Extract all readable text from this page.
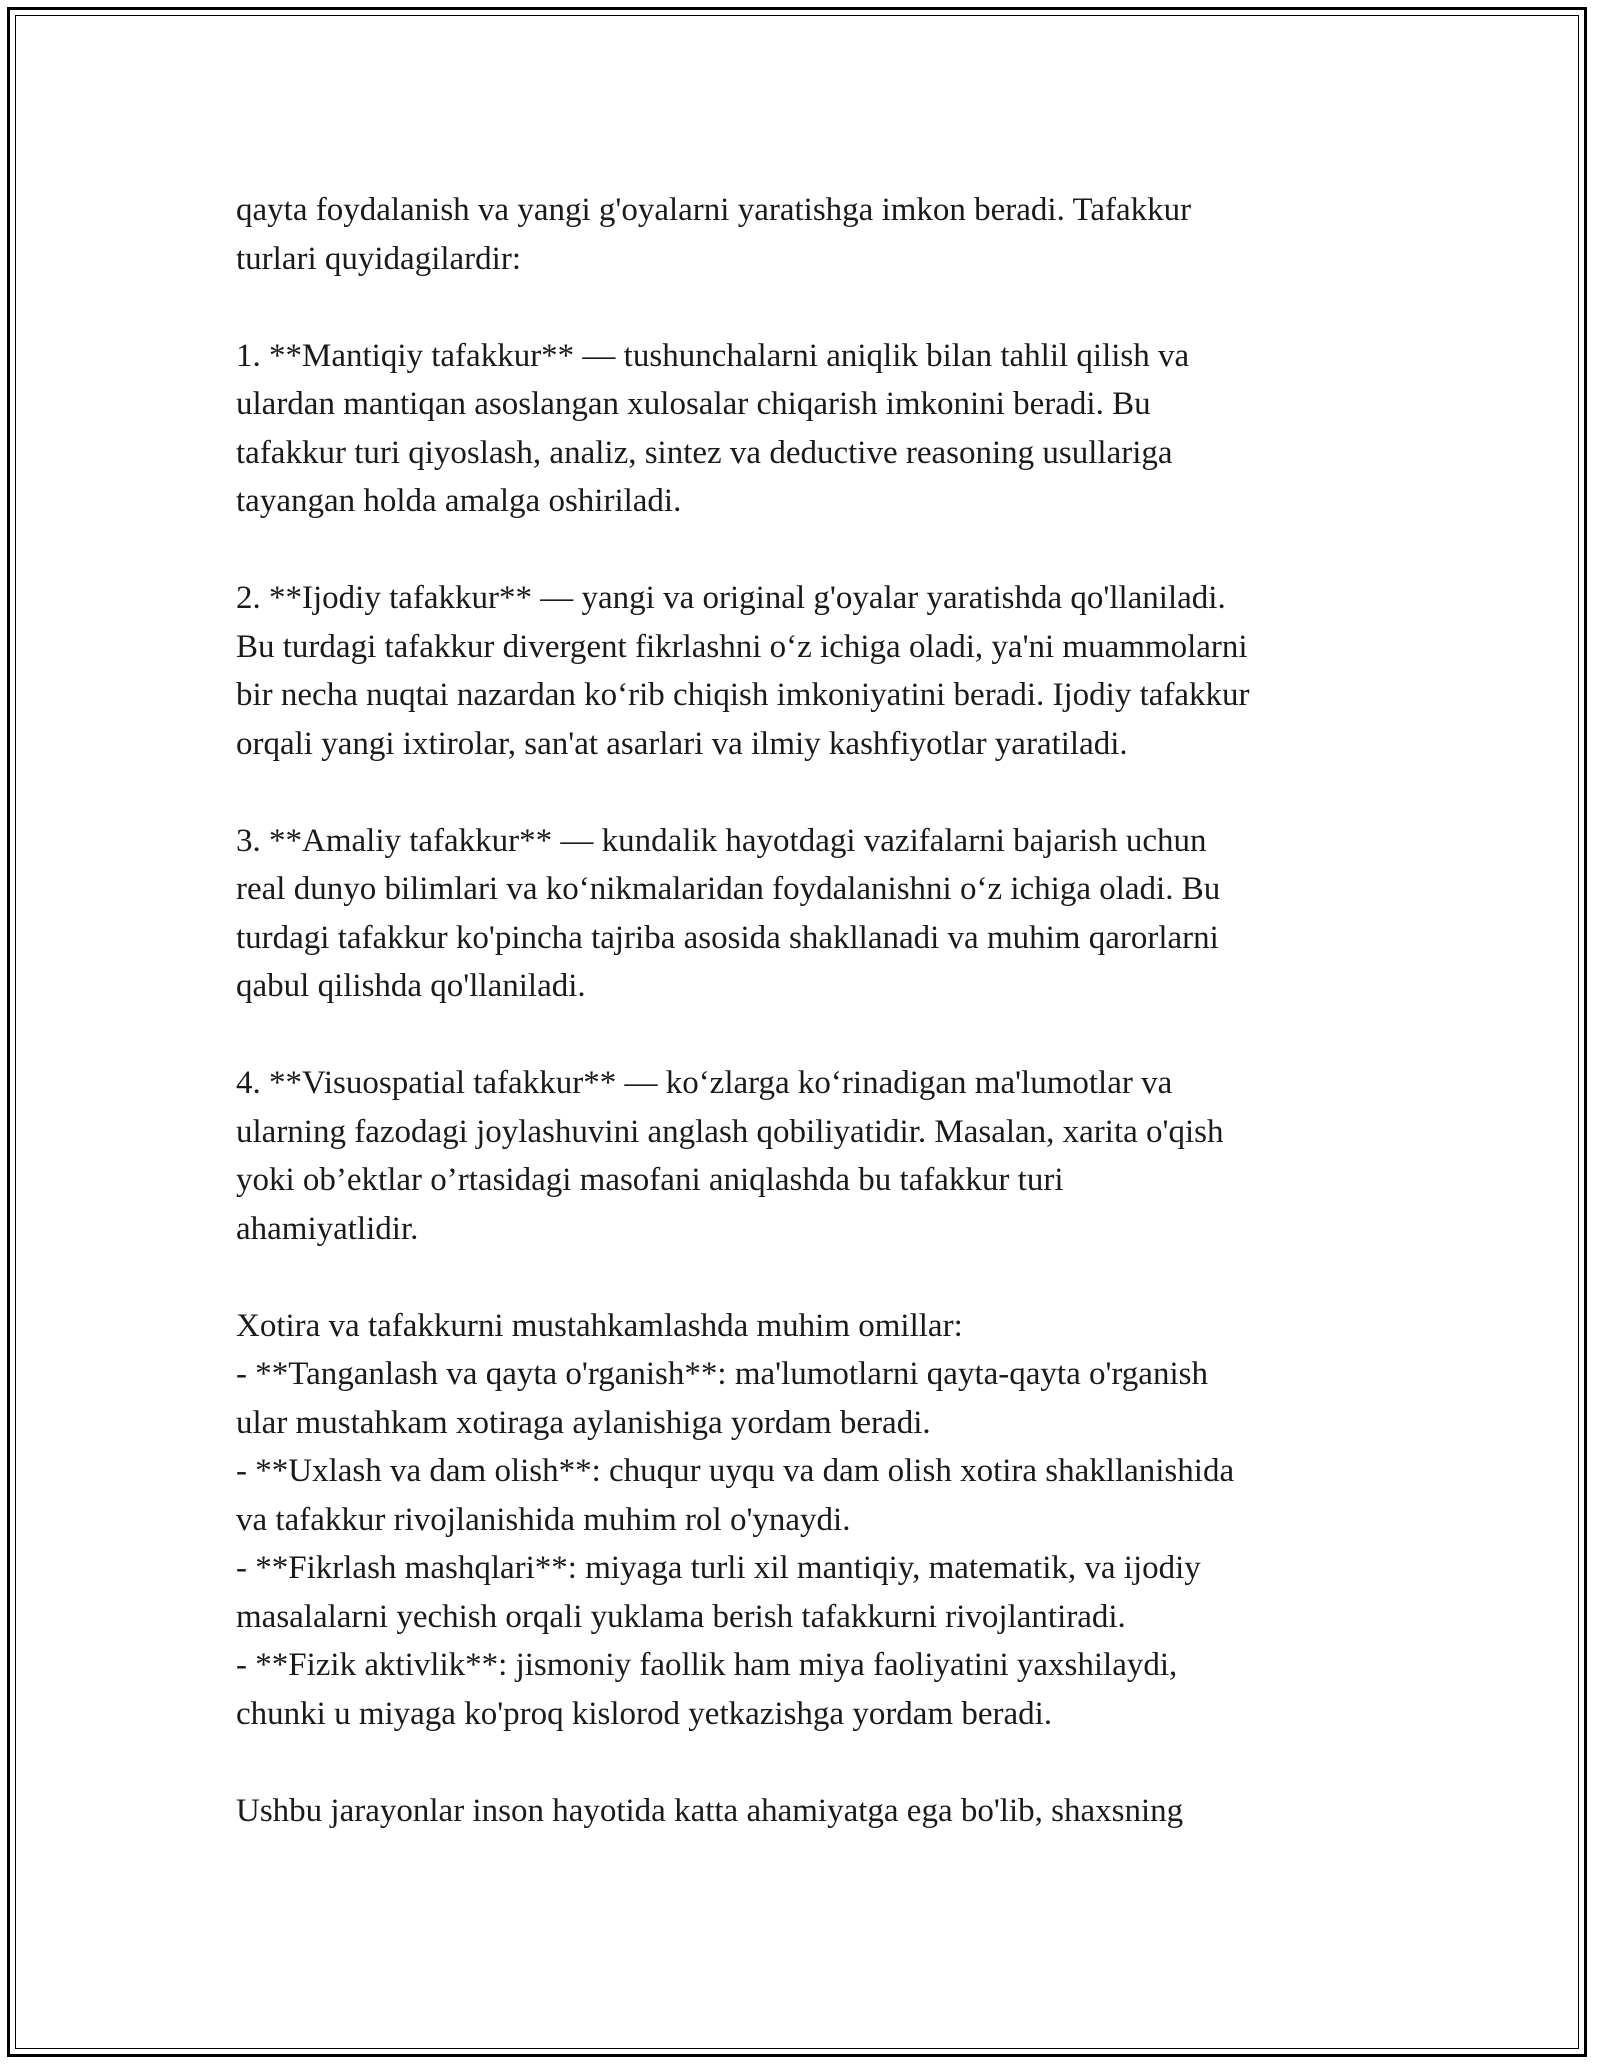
qayta foydalanish va yangi g'oyalarni yaratishga imkon beradi. Tafakkur

turlari quyidagilardir:

1. **Mantiqiy tafakkur** — tushunchalarni aniqlik bilan tahlil qilish va

ulardan mantiqan asoslangan xulosalar chiqarish imkonini beradi. Bu

tafakkur turi qiyoslash, analiz, sintez va deductive reasoning usullariga

tayangan holda amalga oshiriladi.

2. **Ijodiy tafakkur** — yangi va original g'oyalar yaratishda qo'llaniladi.

Bu turdagi tafakkur divergent fikrlashni o‘z ichiga oladi, ya'ni muammolarni

bir necha nuqtai nazardan ko‘rib chiqish imkoniyatini beradi. Ijodiy tafakkur

orqali yangi ixtirolar, san'at asarlari va ilmiy kashfiyotlar yaratiladi.

3. **Amaliy tafakkur** — kundalik hayotdagi vazifalarni bajarish uchun

real dunyo bilimlari va ko‘nikmalaridan foydalanishni o‘z ichiga oladi. Bu

turdagi tafakkur ko'pincha tajriba asosida shakllanadi va muhim qarorlarni

qabul qilishda qo'llaniladi.

4. **Visuospatial tafakkur** — ko‘zlarga ko‘rinadigan ma'lumotlar va

ularning fazodagi joylashuvini anglash qobiliyatidir. Masalan, xarita o'qish

yoki ob’ektlar o’rtasidagi masofani aniqlashda bu tafakkur turi

ahamiyatlidir.

Xotira va tafakkurni mustahkamlashda muhim omillar:

- **Tanganlash va qayta o'rganish**: ma'lumotlarni qayta-qayta o'rganish

ular mustahkam xotiraga aylanishiga yordam beradi.

- **Uxlash va dam olish**: chuqur uyqu va dam olish xotira shakllanishida

va tafakkur rivojlanishida muhim rol o'ynaydi.

- **Fikrlash mashqlari**: miyaga turli xil mantiqiy, matematik, va ijodiy

masalalarni yechish orqali yuklama berish tafakkurni rivojlantiradi.

- **Fizik aktivlik**: jismoniy faollik ham miya faoliyatini yaxshilaydi,

chunki u miyaga ko'proq kislorod yetkazishga yordam beradi.

Ushbu jarayonlar inson hayotida katta ahamiyatga ega bo'lib, shaxsning
